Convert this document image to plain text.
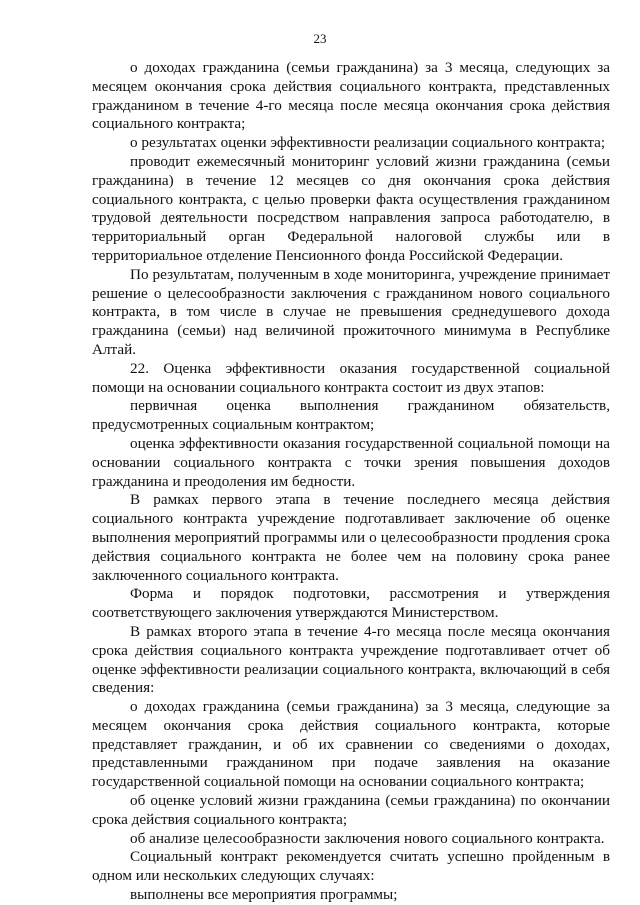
23

о доходах гражданина (семьи гражданина) за 3 месяца, следующих за месяцем окончания срока действия социального контракта, представленных гражданином в течение 4-го месяца после месяца окончания срока действия социального контракта;

о результатах оценки эффективности реализации социального контракта;

проводит ежемесячный мониторинг условий жизни гражданина (семьи гражданина) в течение 12 месяцев со дня окончания срока действия социального контракта, с целью проверки факта осуществления гражданином трудовой деятельности посредством направления запроса работодателю, в территориальный орган Федеральной налоговой службы или в территориальное отделение Пенсионного фонда Российской Федерации.

По результатам, полученным в ходе мониторинга, учреждение принимает решение о целесообразности заключения с гражданином нового социального контракта, в том числе в случае не превышения среднедушевого дохода гражданина (семьи) над величиной прожиточного минимума в Республике Алтай.

22. Оценка эффективности оказания государственной социальной помощи на основании социального контракта состоит из двух этапов:

первичная оценка выполнения гражданином обязательств, предусмотренных социальным контрактом;

оценка эффективности оказания государственной социальной помощи на основании социального контракта с точки зрения повышения доходов гражданина и преодоления им бедности.

В рамках первого этапа в течение последнего месяца действия социального контракта учреждение подготавливает заключение об оценке выполнения мероприятий программы или о целесообразности продления срока действия социального контракта не более чем на половину срока ранее заключенного социального контракта.

Форма и порядок подготовки, рассмотрения и утверждения соответствующего заключения утверждаются Министерством.

В рамках второго этапа в течение 4-го месяца после месяца окончания срока действия социального контракта учреждение подготавливает отчет об оценке эффективности реализации социального контракта, включающий в себя сведения:

о доходах гражданина (семьи гражданина) за 3 месяца, следующие за месяцем окончания срока действия социального контракта, которые представляет гражданин, и об их сравнении со сведениями о доходах, представленными гражданином при подаче заявления на оказание государственной социальной помощи на основании социального контракта;

об оценке условий жизни гражданина (семьи гражданина) по окончании срока действия социального контракта;

об анализе целесообразности заключения нового социального контракта.

Социальный контракт рекомендуется считать успешно пройденным в одном или нескольких следующих случаях:

выполнены все мероприятия программы;
